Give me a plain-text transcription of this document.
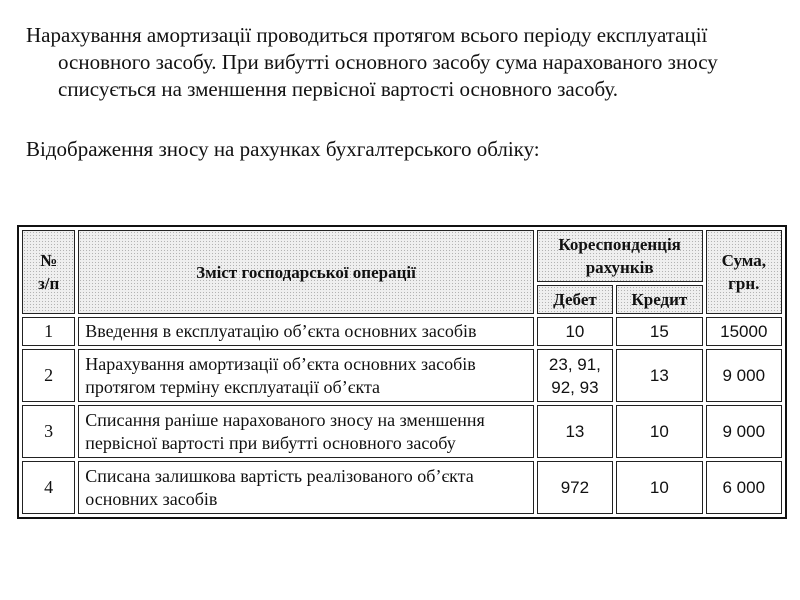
Нарахування амортизації проводиться протягом всього періоду експлуатації основного засобу. При вибутті основного засобу сума нарахованого зносу списується на зменшення первісної вартості основного засобу.
Відображення зносу на рахунках бухгалтерського обліку:
№
з/п	Зміст господарської операції	Кореспонденція рахунків		Сума,
грн.

		Дебет	Кредит	
1	Введення в експлуатацію об’єкта основних засобів	10	15	15000
2	Нарахування амортизації об’єкта основних засобів
протягом терміну експлуатації об’єкта	23, 91,
92, 93	13	9 000
3	Списання раніше нарахованого зносу на зменшення
первісної вартості при вибутті основного засобу	13	10	9 000
4	Списана залишкова вартість реалізованого об’єкта
основних засобів	972	10	6 000
